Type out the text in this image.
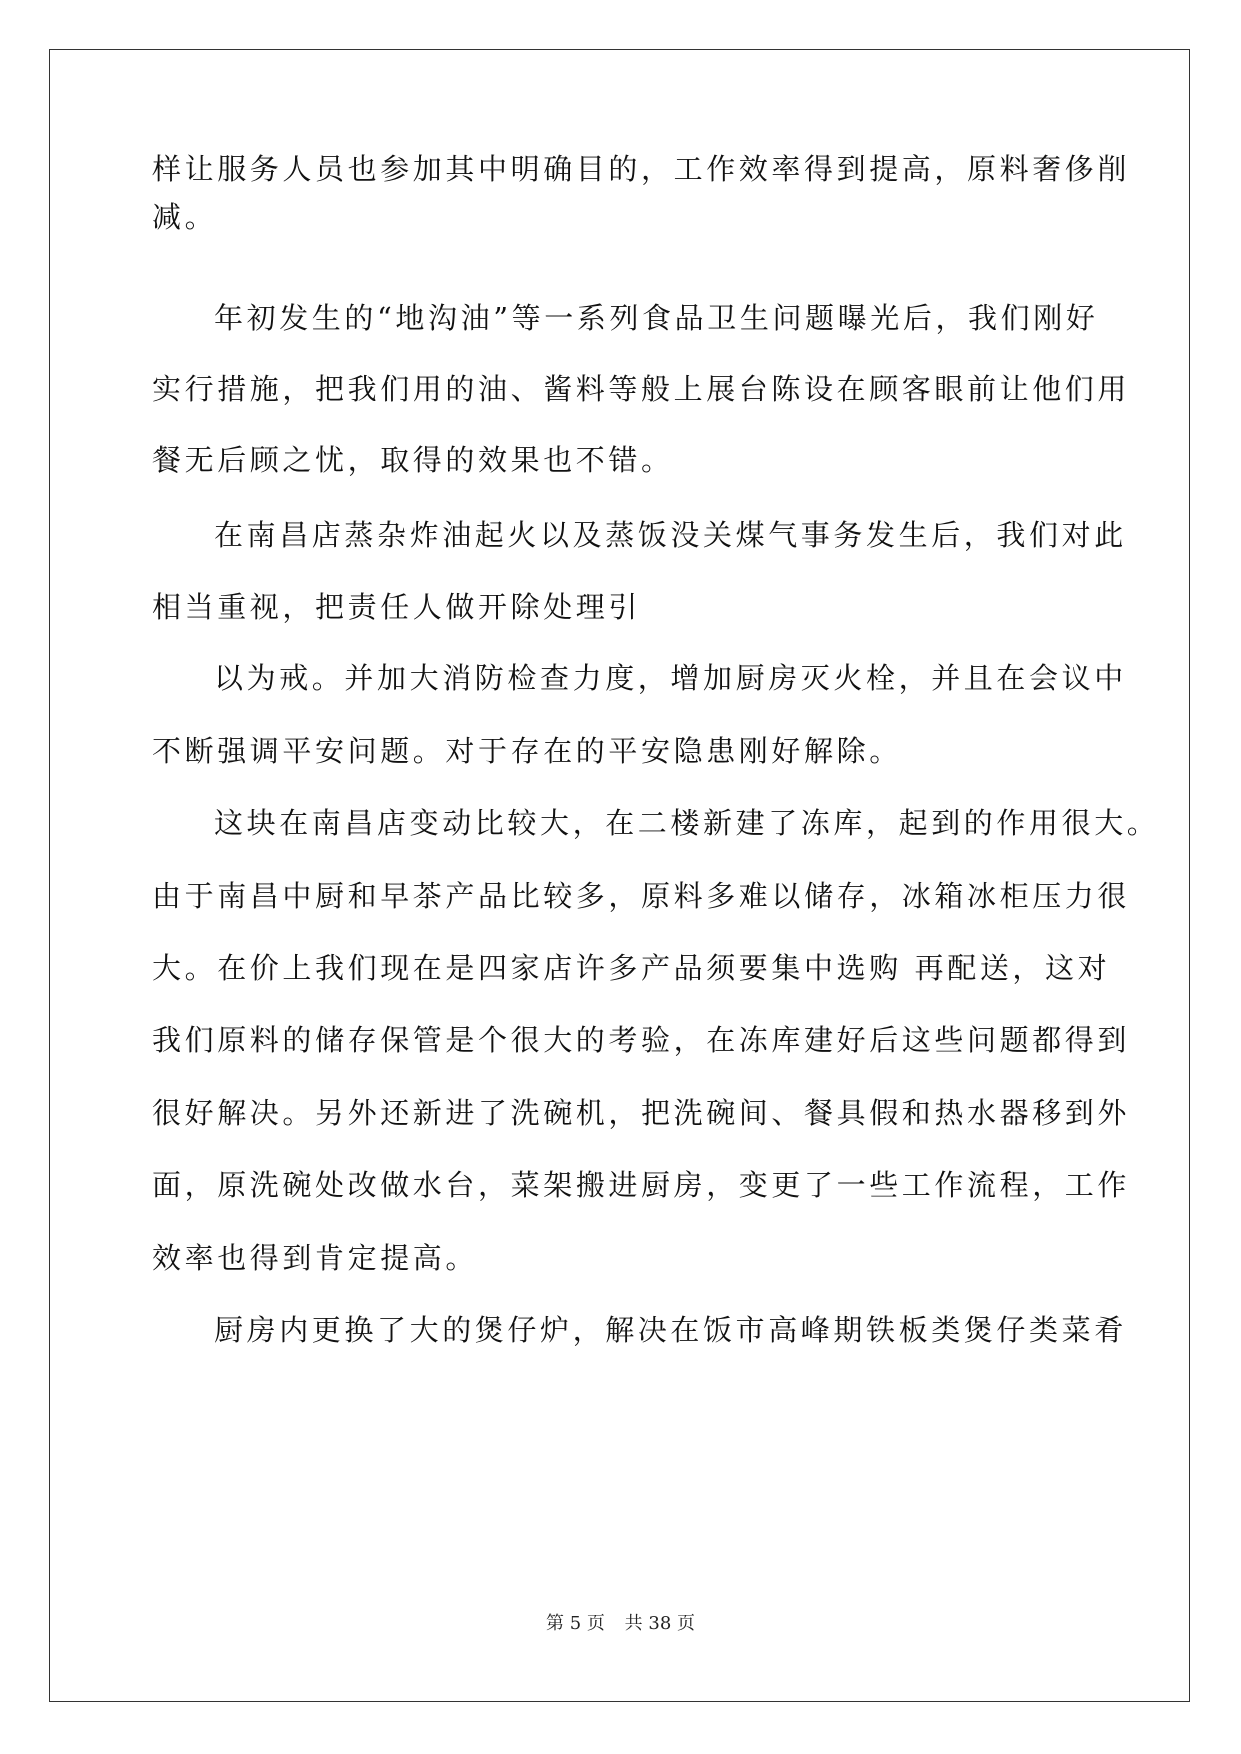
样让服务人员也参加其中明确目的，工作效率得到提高，原料奢侈削
减。
年初发生的“地沟油”等一系列食品卫生问题曝光后，我们刚好
实行措施，把我们用的油、酱料等般上展台陈设在顾客眼前让他们用
餐无后顾之忧，取得的效果也不错。
在南昌店蒸杂炸油起火以及蒸饭没关煤气事务发生后，我们对此
相当重视，把责任人做开除处理引
以为戒。并加大消防检查力度，增加厨房灭火栓，并且在会议中
不断强调平安问题。对于存在的平安隐患刚好解除。
这块在南昌店变动比较大，在二楼新建了冻库，起到的作用很大。
由于南昌中厨和早茶产品比较多，原料多难以储存，冰箱冰柜压力很
大。在价上我们现在是四家店许多产品须要集中选购 再配送，这对
我们原料的储存保管是个很大的考验，在冻库建好后这些问题都得到
很好解决。另外还新进了洗碗机，把洗碗间、餐具假和热水器移到外
面，原洗碗处改做水台，菜架搬进厨房，变更了一些工作流程，工作
效率也得到肯定提高。
厨房内更换了大的煲仔炉，解决在饭市高峰期铁板类煲仔类菜肴
第 5 页 共 38 页
